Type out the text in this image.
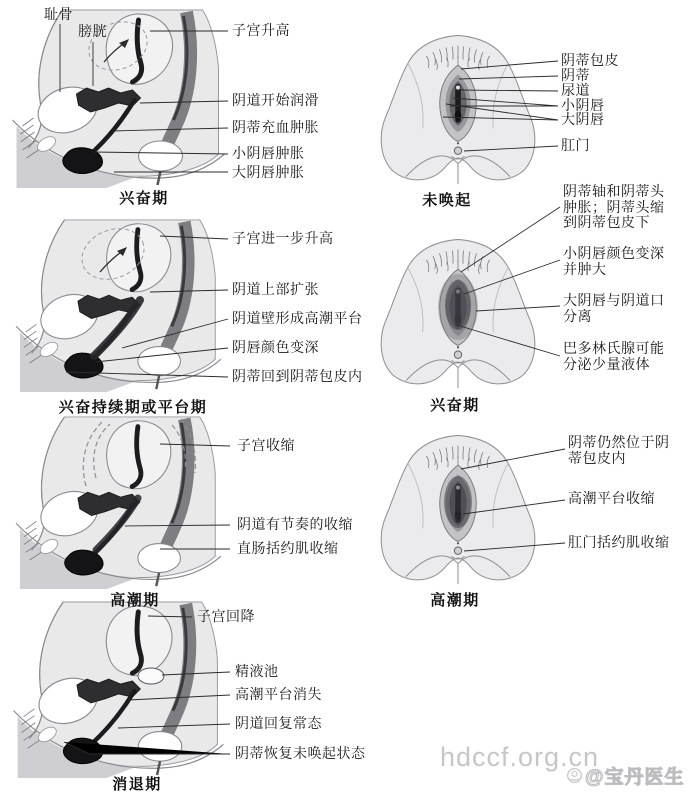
耻骨
膀胱	子宫升高
阴道开始润滑
阴蒂充血肿胀
小阴唇肿胀
大阴唇肿胀
兴奋期
阴蒂包皮
阴蒂
尿道
小阴唇
大阴唇
肛门
未唤起
子宫进一步升高
阴道上部扩张
阴道壁形成高潮平台
阴唇颜色变深
阴蒂回到阴蒂包皮内
兴奋持续期或平台期
阴蒂轴和阴蒂头肿胀；阴蒂头缩到阴蒂包皮下
小阴唇颜色变深并肿大
大阴唇与阴道口分离
巴多林氏腺可能分泌少量液体
兴奋期
子宫收缩
阴道有节奏的收缩
直肠括约肌收缩
高潮期
阴蒂仍然位于阴蒂包皮内
高潮平台收缩
肛门括约肌收缩
高潮期
子宫回降
精液池
高潮平台消失
阴道回复常态
阴蒂恢复未唤起状态
消退期
hdccf.org.cn
@宝丹医生
